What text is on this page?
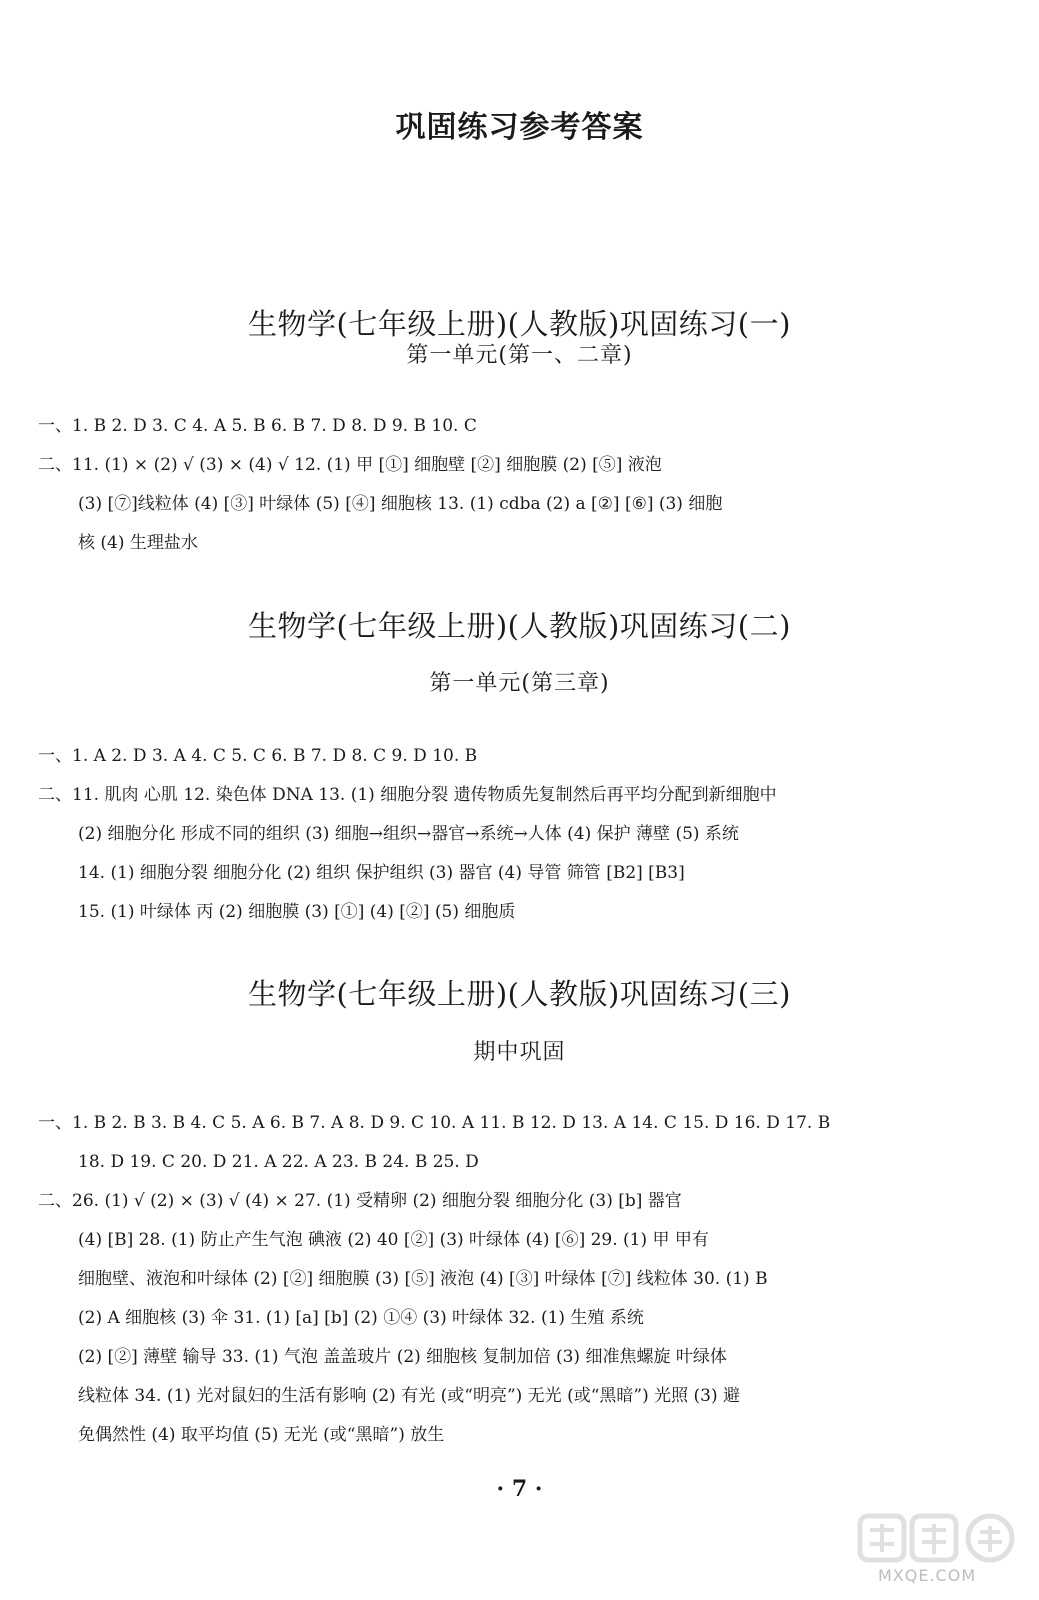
巩固练习参考答案
生物学(七年级上册)(人教版)巩固练习(一)
第一单元(第一、二章)
一、1. B 2. D 3. C 4. A 5. B 6. B 7. D 8. D 9. B 10. C
二、11. (1) × (2) √ (3) × (4) √ 12. (1) 甲 [①] 细胞壁 [②] 细胞膜 (2) [⑤] 液泡
(3) [⑦]线粒体 (4) [③] 叶绿体 (5) [④] 细胞核 13. (1) cdba (2) a [②] [⑥] (3) 细胞
核 (4) 生理盐水
生物学(七年级上册)(人教版)巩固练习(二)
第一单元(第三章)
一、1. A 2. D 3. A 4. C 5. C 6. B 7. D 8. C 9. D 10. B
二、11. 肌肉 心肌 12. 染色体 DNA 13. (1) 细胞分裂 遗传物质先复制然后再平均分配到新细胞中
(2) 细胞分化 形成不同的组织 (3) 细胞→组织→器官→系统→人体 (4) 保护 薄壁 (5) 系统
14. (1) 细胞分裂 细胞分化 (2) 组织 保护组织 (3) 器官 (4) 导管 筛管 [B2] [B3]
15. (1) 叶绿体 丙 (2) 细胞膜 (3) [①] (4) [②] (5) 细胞质
生物学(七年级上册)(人教版)巩固练习(三)
期中巩固
一、1. B 2. B 3. B 4. C 5. A 6. B 7. A 8. D 9. C 10. A 11. B 12. D 13. A 14. C 15. D 16. D 17. B
18. D 19. C 20. D 21. A 22. A 23. B 24. B 25. D
二、26. (1) √ (2) × (3) √ (4) × 27. (1) 受精卵 (2) 细胞分裂 细胞分化 (3) [b] 器官
(4) [B] 28. (1) 防止产生气泡 碘液 (2) 40 [②] (3) 叶绿体 (4) [⑥] 29. (1) 甲 甲有
细胞壁、液泡和叶绿体 (2) [②] 细胞膜 (3) [⑤] 液泡 (4) [③] 叶绿体 [⑦] 线粒体 30. (1) B
(2) A 细胞核 (3) 伞 31. (1) [a] [b] (2) ①④ (3) 叶绿体 32. (1) 生殖 系统
(2) [②] 薄壁 输导 33. (1) 气泡 盖盖玻片 (2) 细胞核 复制加倍 (3) 细准焦螺旋 叶绿体
线粒体 34. (1) 光对鼠妇的生活有影响 (2) 有光 (或“明亮”) 无光 (或“黑暗”) 光照 (3) 避
免偶然性 (4) 取平均值 (5) 无光 (或“黑暗”) 放生
· 7 ·
MXQE.COM
